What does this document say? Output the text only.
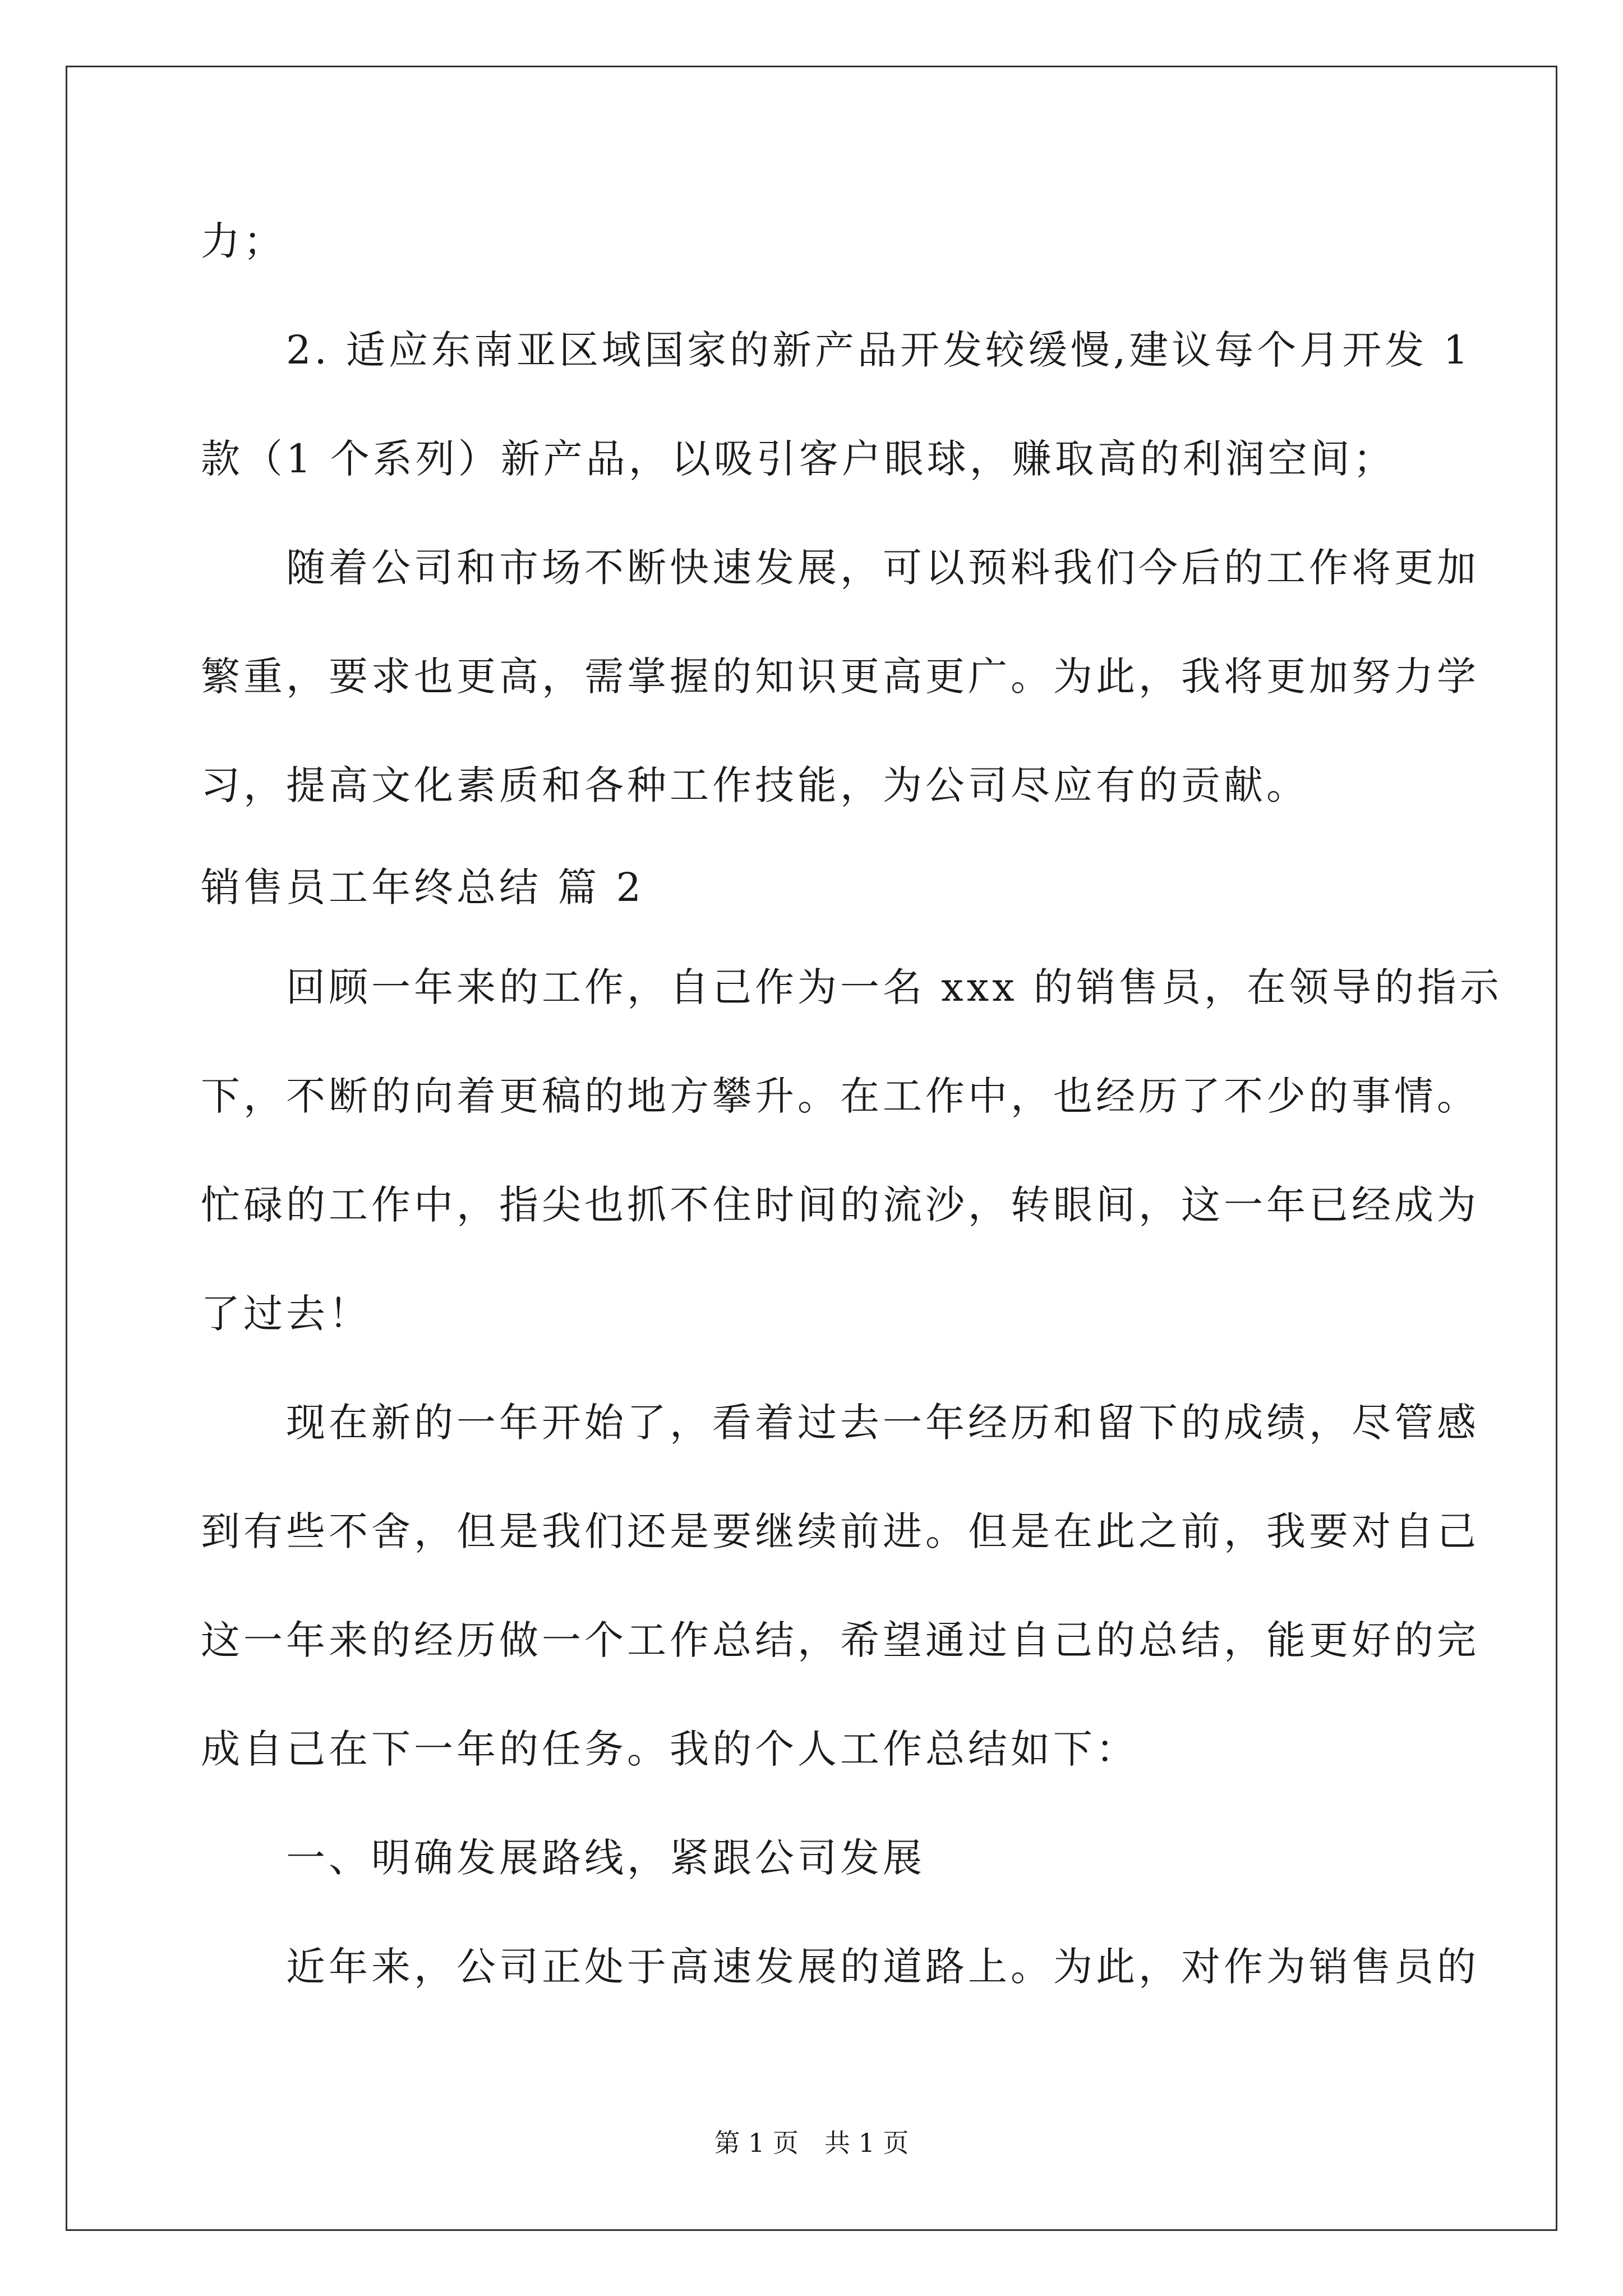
力；
　　2. 适应东南亚区域国家的新产品开发较缓慢,建议每个月开发 1
款（1 个系列）新产品，以吸引客户眼球，赚取高的利润空间；
　　随着公司和市场不断快速发展，可以预料我们今后的工作将更加
繁重，要求也更高，需掌握的知识更高更广。为此，我将更加努力学
习，提高文化素质和各种工作技能，为公司尽应有的贡献。
销售员工年终总结 篇 2
　　回顾一年来的工作，自己作为一名 xxx 的销售员，在领导的指示
下，不断的向着更稿的地方攀升。在工作中，也经历了不少的事情。
忙碌的工作中，指尖也抓不住时间的流沙，转眼间，这一年已经成为
了过去！
　　现在新的一年开始了，看着过去一年经历和留下的成绩，尽管感
到有些不舍，但是我们还是要继续前进。但是在此之前，我要对自己
这一年来的经历做一个工作总结，希望通过自己的总结，能更好的完
成自己在下一年的任务。我的个人工作总结如下：
　　一、明确发展路线，紧跟公司发展
　　近年来，公司正处于高速发展的道路上。为此，对作为销售员的
第 1 页　共 1 页
